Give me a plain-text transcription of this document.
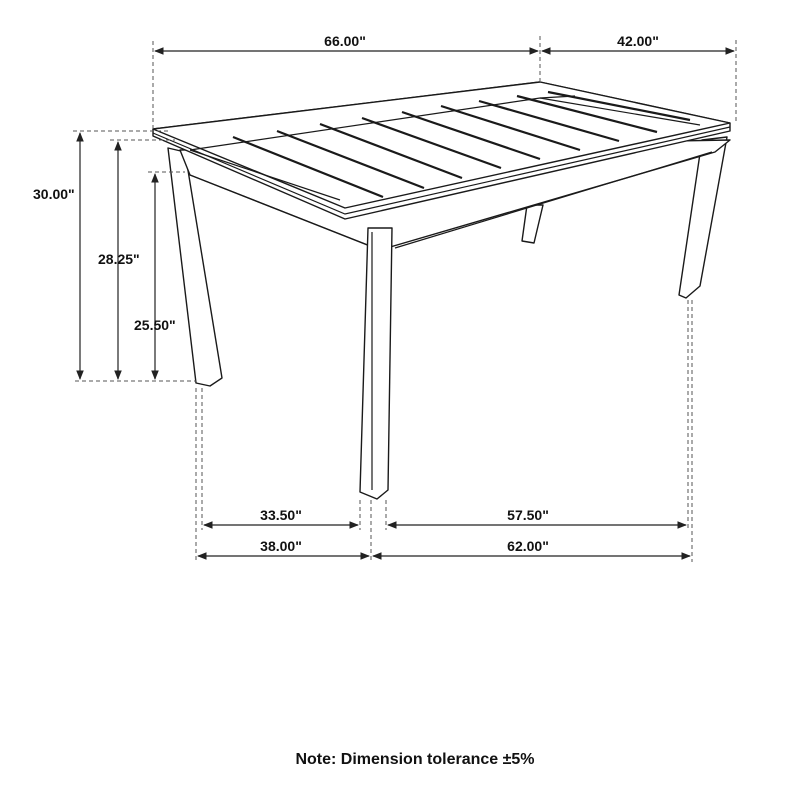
66.00"	42.00"
30.00"
28.25"
25.50"
33.50"	57.50"
38.00"	62.00"
Note: Dimension tolerance ±5%
